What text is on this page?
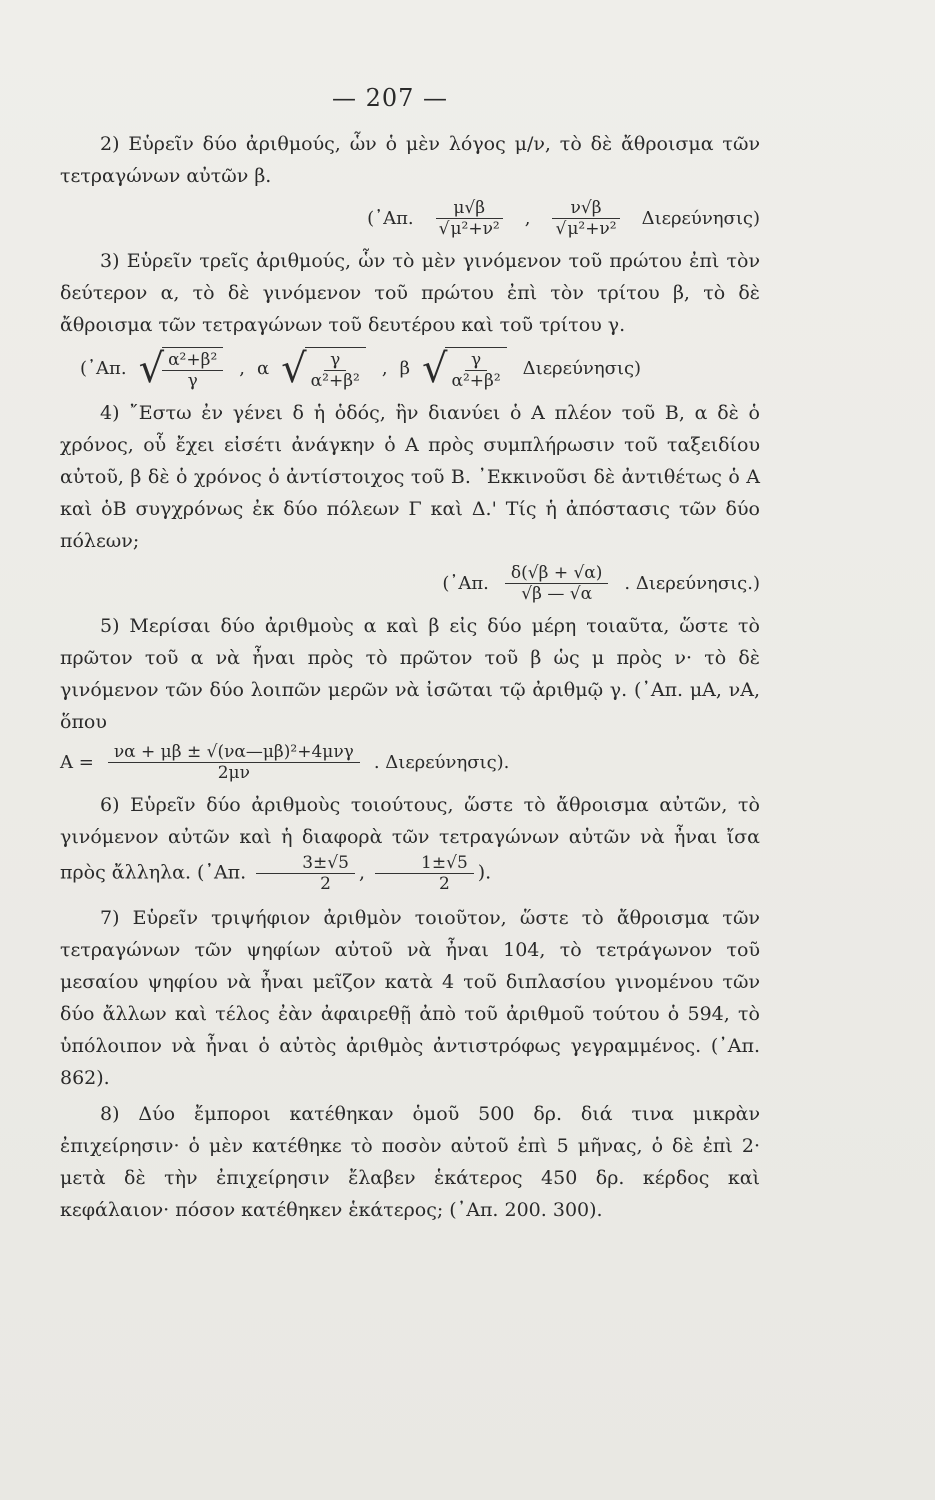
— 207 —

2) Εὑρεῖν δύο ἀριθμούς, ὧν ὁ μὲν λόγος μ/ν, τὸ δὲ ἄθροισμα τῶν τετραγώνων αὐτῶν β.

(᾿Απ. μ√β
√ μ²+ν² , ν√β
√ μ²+ν² Διερεύνησις)

3) Εὑρεῖν τρεῖς ἀριθμούς, ὧν τὸ μὲν γινόμενον τοῦ πρώτου ἐπὶ τὸν δεύτερον α, τὸ δὲ γινόμενον τοῦ πρώτου ἐπὶ τὸν τρίτου β, τὸ δὲ ἄθροισμα τῶν τετραγώνων τοῦ δευτέρου καὶ τοῦ τρίτου γ.

(᾿Απ. √
$\frac{\text{α²+β²}}{\gamma}$ , α √
$\frac{\gamma}{\text{α²+β²}}$ , β √
$\frac{\gamma}{\text{α²+β²}} \Delta\iota\varepsilon\rho\varepsilon ύ\nu\eta\sigma\iota\varsigma$)

4) ῎Εστω ἐν γένει δ ἡ ὁδός, ἣν διανύει ὁ Α πλέον τοῦ Β, α δὲ ὁ χρόνος, οὗ ἔχει εἰσέτι ἀνάγκην ὁ Α πρὸς συμπλήρωσιν τοῦ ταξειδίου αὐτοῦ, β δὲ ὁ χρόνος ὁ ἀντίστοιχος τοῦ Β. ᾿Εκκινοῦσι δὲ ἀντιθέτως ὁ Α καὶ ὁΒ συγχρόνως ἐκ δύο πόλεων Γ καὶ Δ.' Τίς ἡ ἀπόστασις τῶν δύο πόλεων;

(᾿Απ. $\frac{\delta(√\beta + √\alpha)}{√\beta — √\alpha}$ . Διερεύνησις.)

5) Μερίσαι δύο ἀριθμοὺς α καὶ β εἰς δύο μέρη τοιαῦτα, ὥστε τὸ πρῶτον τοῦ α νὰ ἦναι πρὸς τὸ πρῶτον τοῦ β ὡς μ πρὸς ν· τὸ δὲ γινόμενον τῶν δύο λοιπῶν μερῶν νὰ ἰσῶται τῷ ἀριθμῷ γ. (᾿Απ. μΑ, νΑ, ὅπου

$A = \frac{\text{να + μβ ± √(να—μβ)²+4μνγ}}{2\mu\nu}$ . Διερεύνησις).

6) Εὑρεῖν δύο ἀριθμοὺς τοιούτους, ὥστε τὸ ἄθροισμα αὐτῶν, τὸ γινόμενον αὐτῶν καὶ ἡ διαφορὰ τῶν τετραγώνων αὐτῶν νὰ ἦναι ἴσα πρὸς ἄλληλα. (᾿Απ. $\frac{3\pm√5}{2}$ , $\frac{1\pm√5}{2}$ ).

7) Εὑρεῖν τριψήφιον ἀριθμὸν τοιοῦτον, ὥστε τὸ ἄθροισμα τῶν τετραγώνων τῶν ψηφίων αὐτοῦ νὰ ἦναι 104, τὸ τετράγωνον τοῦ μεσαίου ψηφίου νὰ ἦναι μεῖζον κατὰ 4 τοῦ διπλασίου γινομένου τῶν δύο ἄλλων καὶ τέλος ἐὰν ἀφαιρεθῇ ἀπὸ τοῦ ἀριθμοῦ τούτου ὁ 594, τὸ ὑπόλοιπον νὰ ἦναι ὁ αὐτὸς ἀριθμὸς ἀντιστρόφως γεγραμμένος. (᾿Απ. 862).

8) Δύο ἔμποροι κατέθηκαν ὁμοῦ 500 δρ. διά τινα μικρὰν ἐπιχείρησιν· ὁ μὲν κατέθηκε τὸ ποσὸν αὐτοῦ ἐπὶ 5 μῆνας, ὁ δὲ ἐπὶ 2· μετὰ δὲ τὴν ἐπιχείρησιν ἔλαβεν ἑκάτερος 450 δρ. κέρδος καὶ κεφάλαιον· πόσον κατέθηκεν ἑκάτερος; (᾿Απ. 200. 300).
